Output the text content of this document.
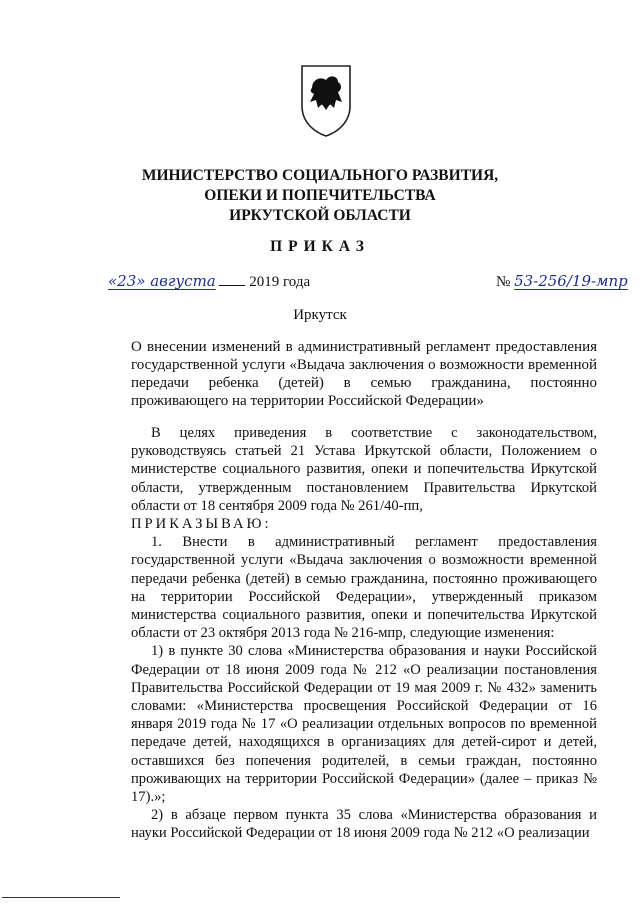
МИНИСТЕРСТВО СОЦИАЛЬНОГО РАЗВИТИЯ,
ОПЕКИ И ПОПЕЧИТЕЛЬСТВА
ИРКУТСКОЙ ОБЛАСТИ
ПРИКАЗ
«23» августа 2019 года	№ 53-256/19-мпр
Иркутск
О внесении изменений в административный регламент предоставления государственной услуги «Выдача заключения о возможности временной передачи ребенка (детей) в семью гражданина, постоянно проживающего на территории Российской Федерации»

В целях приведения в соответствие с законодательством, руководствуясь статьей 21 Устава Иркутской области, Положением о министерстве социального развития, опеки и попечительства Иркутской области, утвержденным постановлением Правительства Иркутской области от 18 сентября 2009 года № 261/40-пп,

ПРИКАЗЫВАЮ:

1. Внести в административный регламент предоставления государственной услуги «Выдача заключения о возможности временной передачи ребенка (детей) в семью гражданина, постоянно проживающего на территории Российской Федерации», утвержденный приказом министерства социального развития, опеки и попечительства Иркутской области от 23 октября 2013 года № 216-мпр, следующие изменения:

1) в пункте 30 слова «Министерства образования и науки Российской Федерации от 18 июня 2009 года № 212 «О реализации постановления Правительства Российской Федерации от 19 мая 2009 г. № 432» заменить словами: «Министерства просвещения Российской Федерации от 16 января 2019 года № 17 «О реализации отдельных вопросов по временной передаче детей, находящихся в организациях для детей-сирот и детей, оставшихся без попечения родителей, в семьи граждан, постоянно проживающих на территории Российской Федерации» (далее – приказ № 17).»;

2) в абзаце первом пункта 35 слова «Министерства образования и науки Российской Федерации от 18 июня 2009 года № 212 «О реализации
